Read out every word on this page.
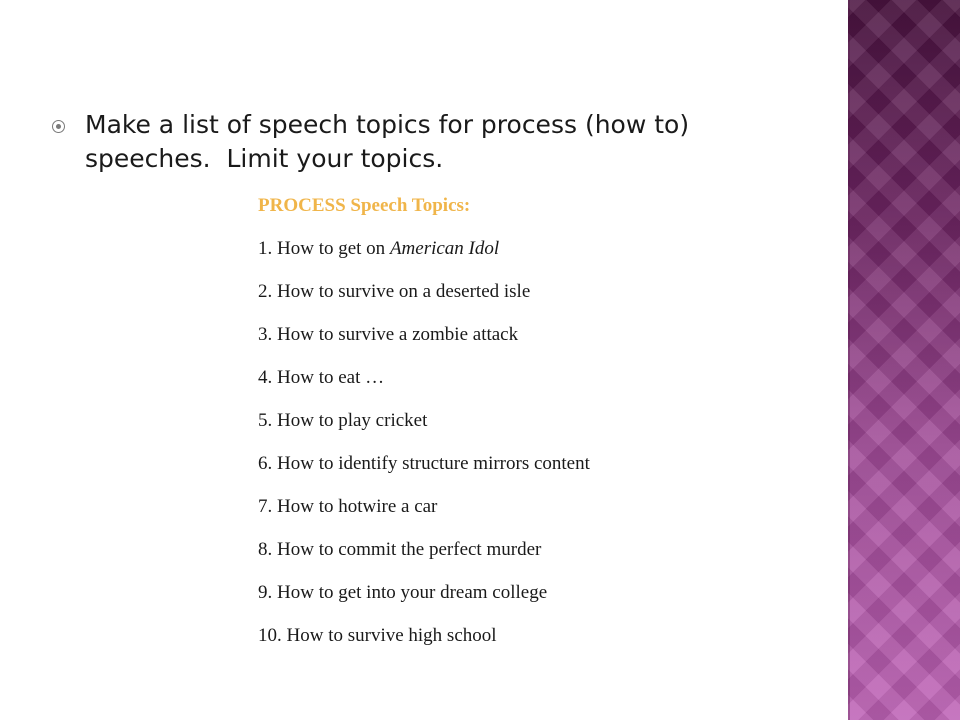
Make a list of speech topics for process (how to)
speeches.  Limit your topics.
PROCESS Speech Topics:
1. How to get on American Idol
2. How to survive on a deserted isle
3. How to survive a zombie attack
4. How to eat …
5. How to play cricket
6. How to identify structure mirrors content
7. How to hotwire a car
8. How to commit the perfect murder
9. How to get into your dream college
10. How to survive high school
